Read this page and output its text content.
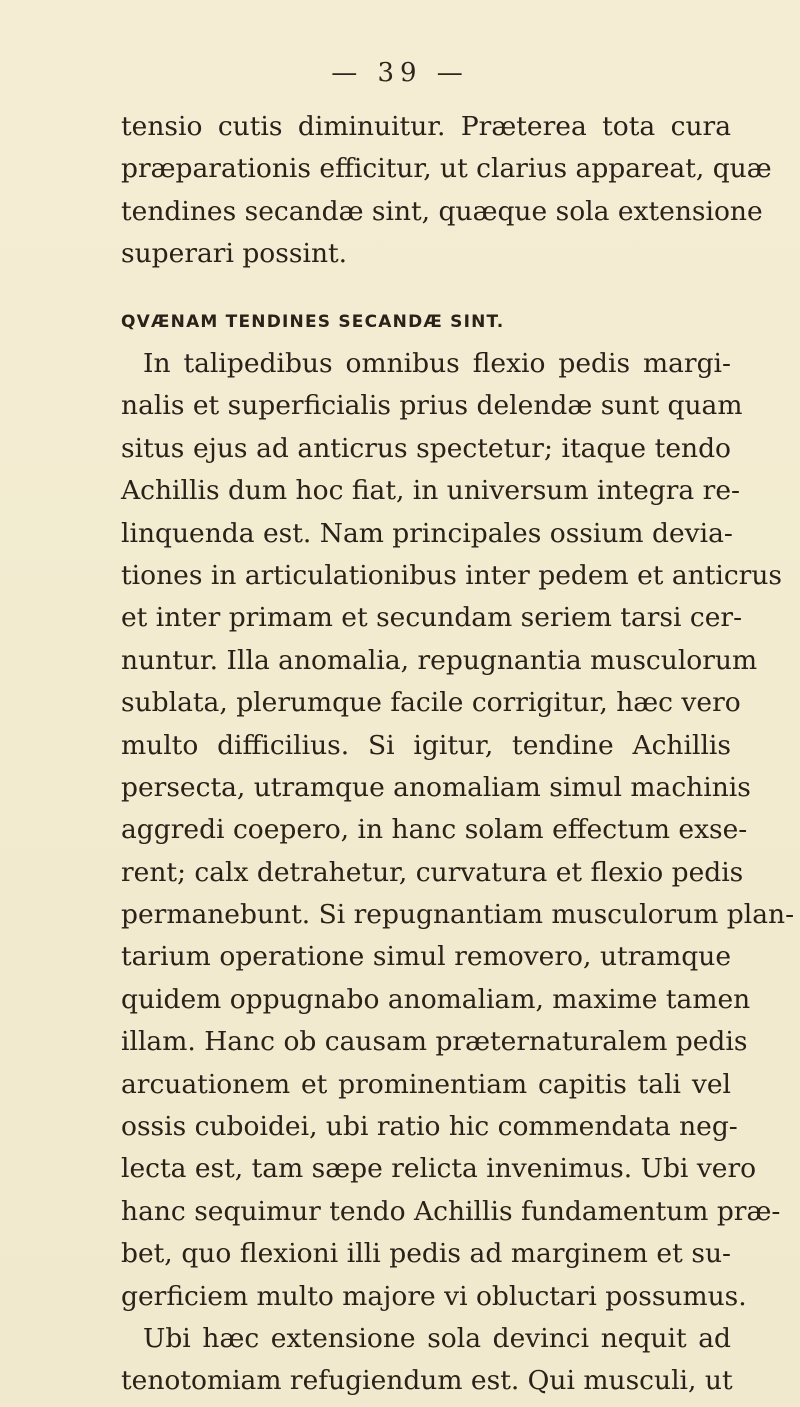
— 39 —
tensio cutis diminuitur. Præterea tota cura
præparationis efficitur, ut clarius appareat, quæ
tendines secandæ sint, quæque sola extensione
superari possint.
QVÆNAM TENDINES SECANDÆ SINT.
In talipedibus omnibus flexio pedis margi-
nalis et superficialis prius delendæ sunt quam
situs ejus ad anticrus spectetur; itaque tendo
Achillis dum hoc fiat, in universum integra re-
linquenda est. Nam principales ossium devia-
tiones in articulationibus inter pedem et anticrus
et inter primam et secundam seriem tarsi cer-
nuntur. Illa anomalia, repugnantia musculorum
sublata, plerumque facile corrigitur, hæc vero
multo difficilius. Si igitur, tendine Achillis
persecta, utramque anomaliam simul machinis
aggredi coepero, in hanc solam effectum exse-
rent; calx detrahetur, curvatura et flexio pedis
permanebunt. Si repugnantiam musculorum plan-
tarium operatione simul removero, utramque
quidem oppugnabo anomaliam, maxime tamen
illam. Hanc ob causam præternaturalem pedis
arcuationem et prominentiam capitis tali vel
ossis cuboidei, ubi ratio hic commendata neg-
lecta est, tam sæpe relicta invenimus. Ubi vero
hanc sequimur tendo Achillis fundamentum præ-
bet, quo flexioni illi pedis ad marginem et su-
gerficiem multo majore vi obluctari possumus.
Ubi hæc extensione sola devinci nequit ad
tenotomiam refugiendum est. Qui musculi, ut
